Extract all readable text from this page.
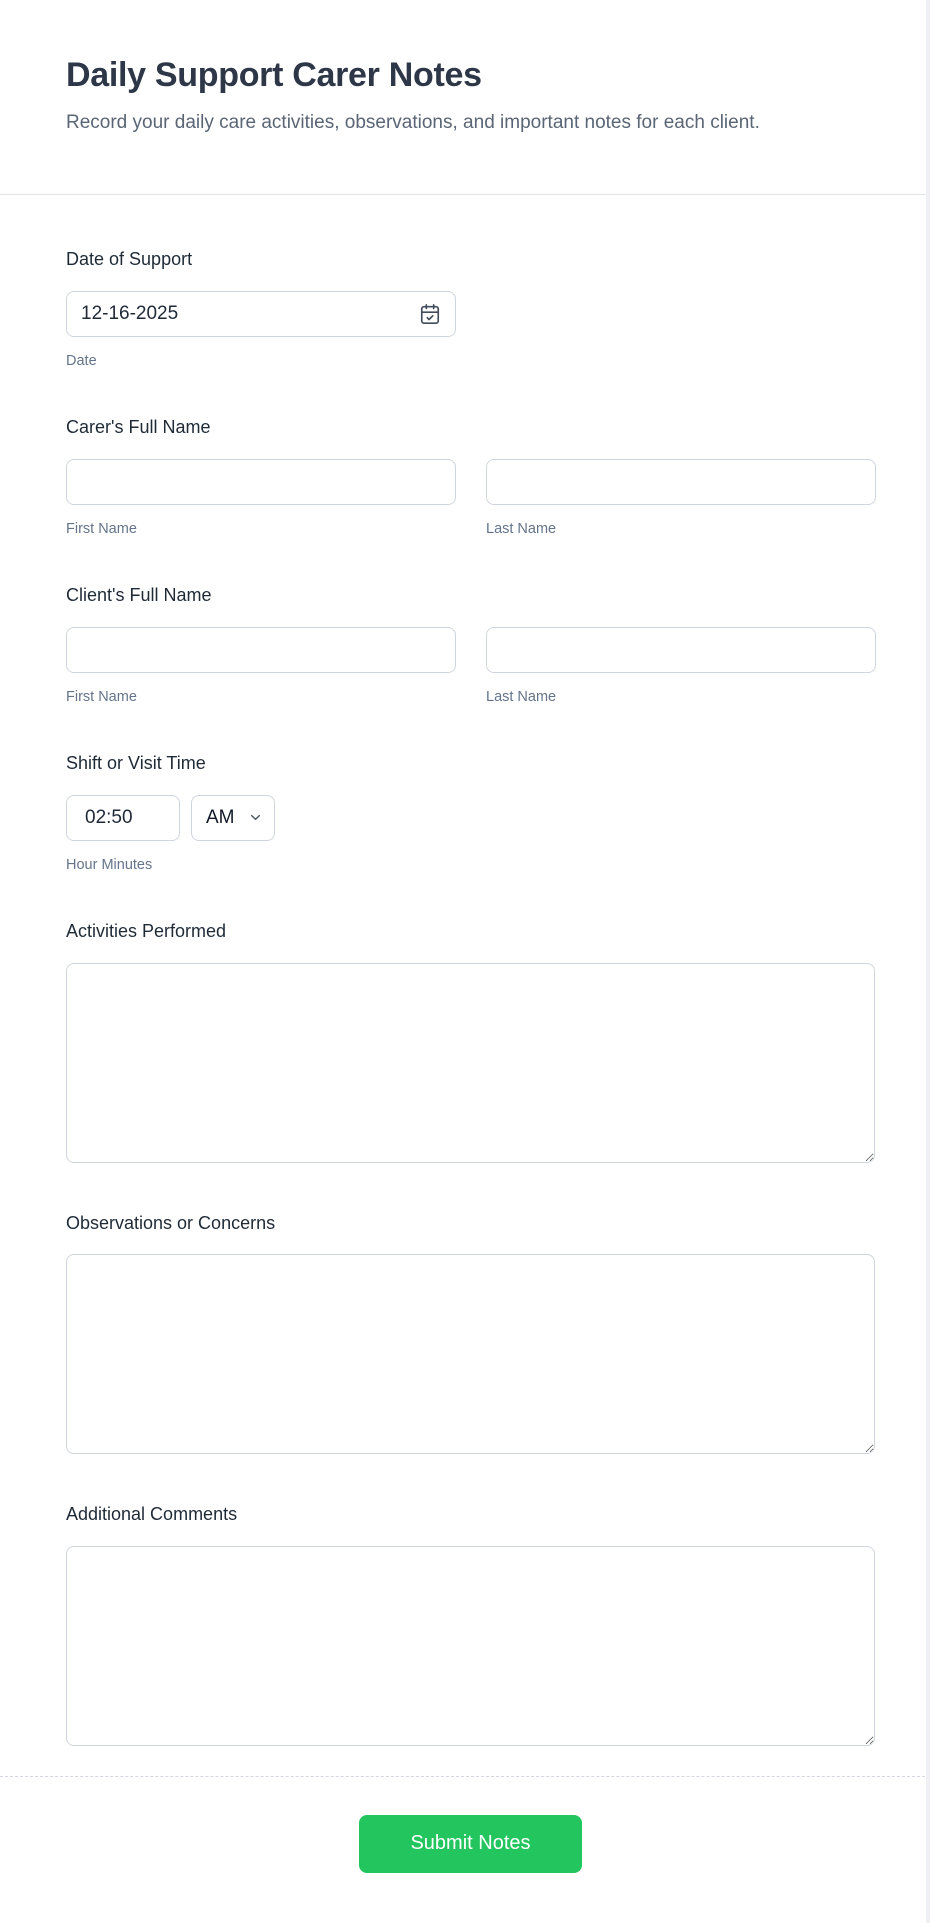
Daily Support Carer Notes

Record your daily care activities, observations, and important notes for each client.

Date of Support
12-16-2025
Date
Carer's Full Name
First Name	Last Name
Client's Full Name
First Name	Last Name
Shift or Visit Time
02:50
AM
Hour Minutes
Activities Performed
Observations or Concerns
Additional Comments
Submit Notes
